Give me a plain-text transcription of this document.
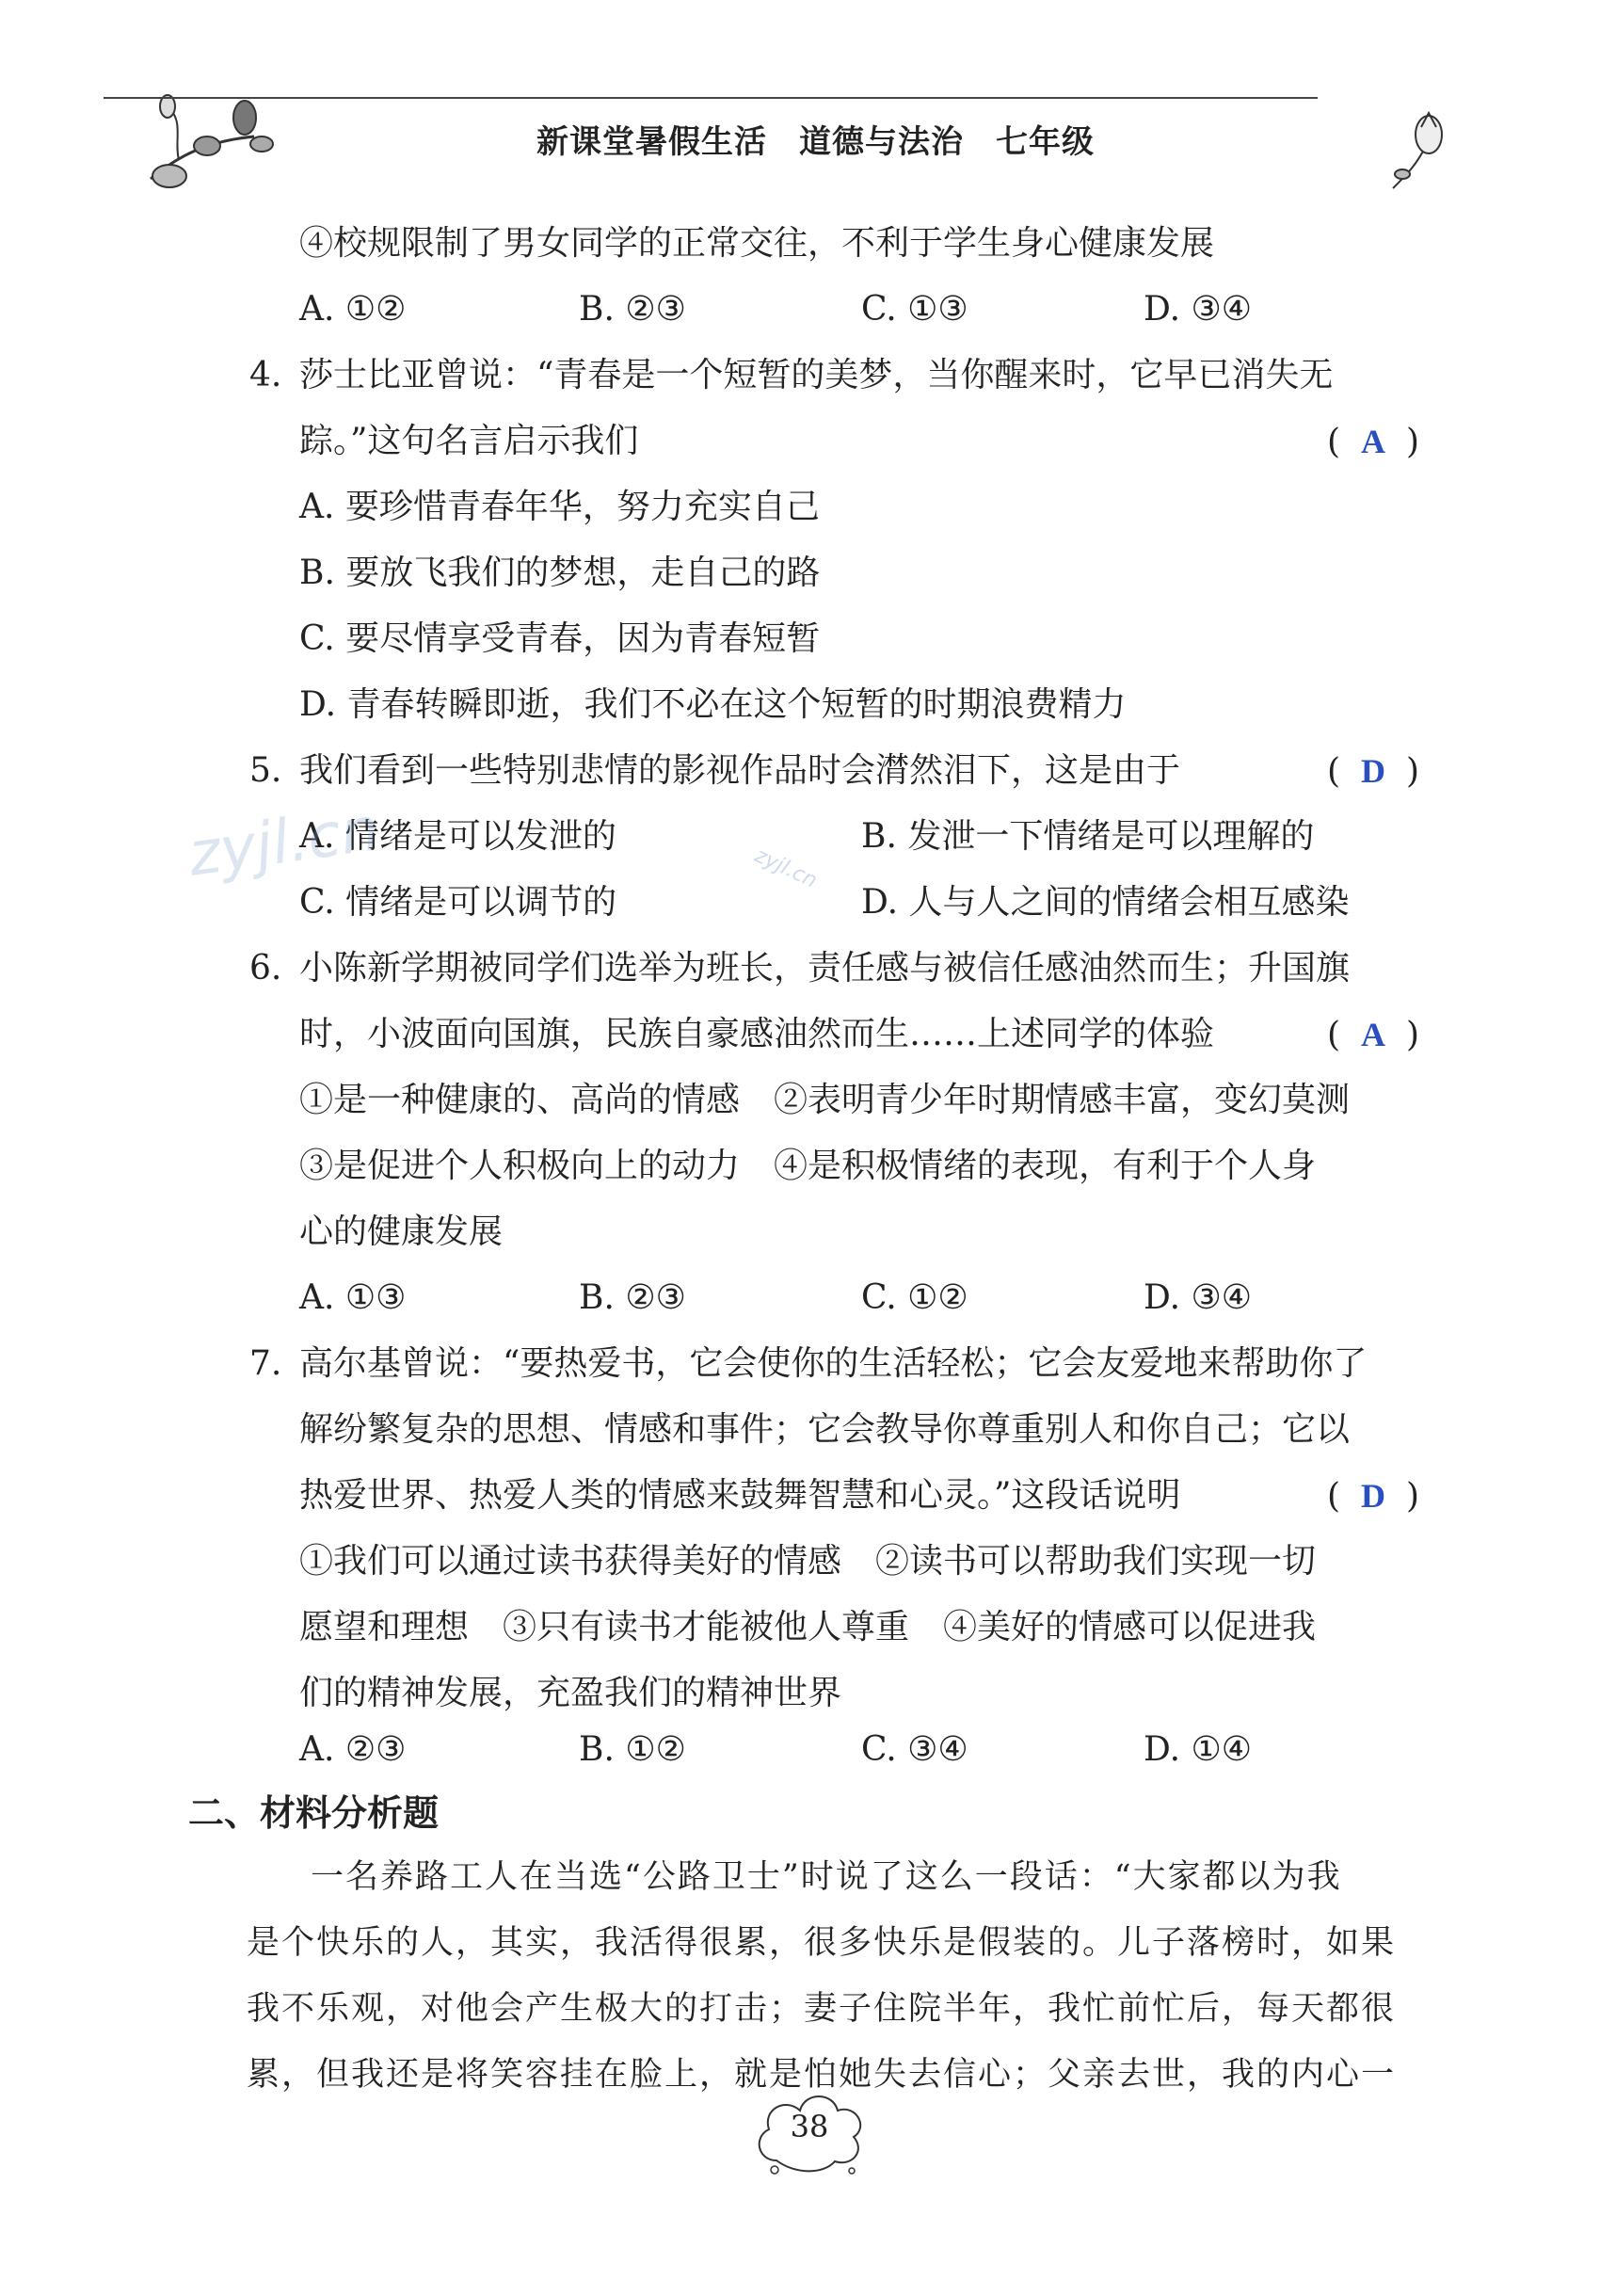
新课堂暑假生活 道德与法治 七年级
④校规限制了男女同学的正常交往，不利于学生身心健康发展
A. ①②	B. ②③	C. ①③	D. ③④
4. 莎士比亚曾说：“青春是一个短暂的美梦，当你醒来时，它早已消失无
踪。”这句名言启示我们	( A )
A. 要珍惜青春年华，努力充实自己
B. 要放飞我们的梦想，走自己的路
C. 要尽情享受青春，因为青春短暂
D. 青春转瞬即逝，我们不必在这个短暂的时期浪费精力
5. 我们看到一些特别悲情的影视作品时会潸然泪下，这是由于	( D )
A. 情绪是可以发泄的	B. 发泄一下情绪是可以理解的
C. 情绪是可以调节的	D. 人与人之间的情绪会相互感染
6. 小陈新学期被同学们选举为班长，责任感与被信任感油然而生；升国旗
时，小波面向国旗，民族自豪感油然而生……上述同学的体验	( A )
①是一种健康的、高尚的情感　②表明青少年时期情感丰富，变幻莫测
③是促进个人积极向上的动力　④是积极情绪的表现，有利于个人身
心的健康发展
A. ①③	B. ②③	C. ①②	D. ③④
7. 高尔基曾说：“要热爱书，它会使你的生活轻松；它会友爱地来帮助你了
解纷繁复杂的思想、情感和事件；它会教导你尊重别人和你自己；它以
热爱世界、热爱人类的情感来鼓舞智慧和心灵。”这段话说明	( D )
①我们可以通过读书获得美好的情感　②读书可以帮助我们实现一切
愿望和理想　③只有读书才能被他人尊重　④美好的情感可以促进我
们的精神发展，充盈我们的精神世界
A. ②③	B. ①②	C. ③④	D. ①④
二、材料分析题
一名养路工人在当选“公路卫士”时说了这么一段话：“大家都以为我
是个快乐的人，其实，我活得很累，很多快乐是假装的。儿子落榜时，如果
我不乐观，对他会产生极大的打击；妻子住院半年，我忙前忙后，每天都很
累，但我还是将笑容挂在脸上，就是怕她失去信心；父亲去世，我的内心一
zyjl.cn	zyjl.cn
38
